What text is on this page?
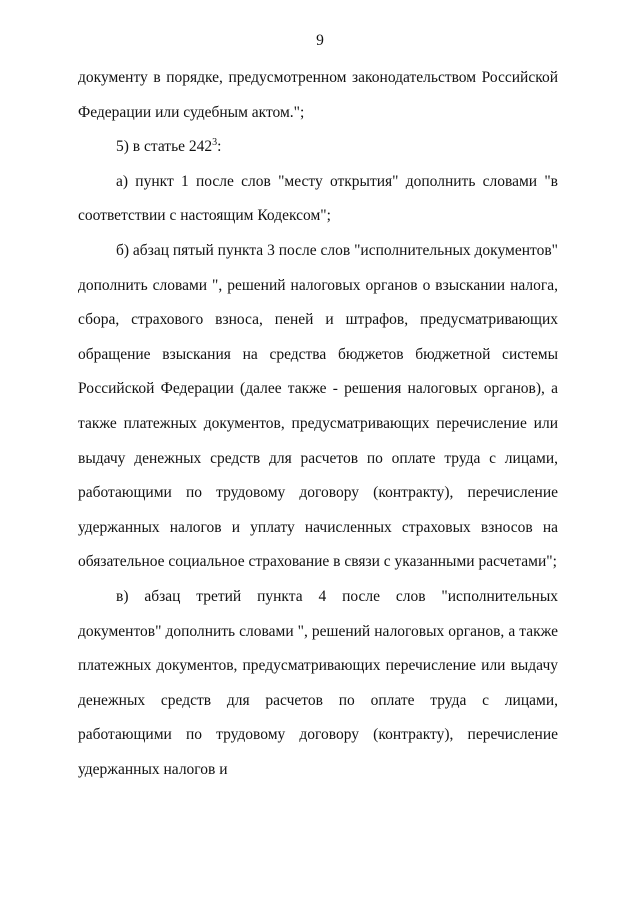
9

документу в порядке, предусмотренном законодательством Российской Федерации или судебным актом.";

5) в статье $242^3$:

а) пункт 1 после слов "месту открытия" дополнить словами "в соответствии с настоящим Кодексом";

б) абзац пятый пункта 3 после слов "исполнительных документов" дополнить словами ", решений налоговых органов о взыскании налога, сбора, страхового взноса, пеней и штрафов, предусматривающих обращение взыскания на средства бюджетов бюджетной системы Российской Федерации (далее также - решения налоговых органов), а также платежных документов, предусматривающих перечисление или выдачу денежных средств для расчетов по оплате труда с лицами, работающими по трудовому договору (контракту), перечисление удержанных налогов и уплату начисленных страховых взносов на обязательное социальное страхование в связи с указанными расчетами";

в) абзац третий пункта 4 после слов "исполнительных документов" дополнить словами ", решений налоговых органов, а также платежных документов, предусматривающих перечисление или выдачу денежных средств для расчетов по оплате труда с лицами, работающими по трудовому договору (контракту), перечисление удержанных налогов и
